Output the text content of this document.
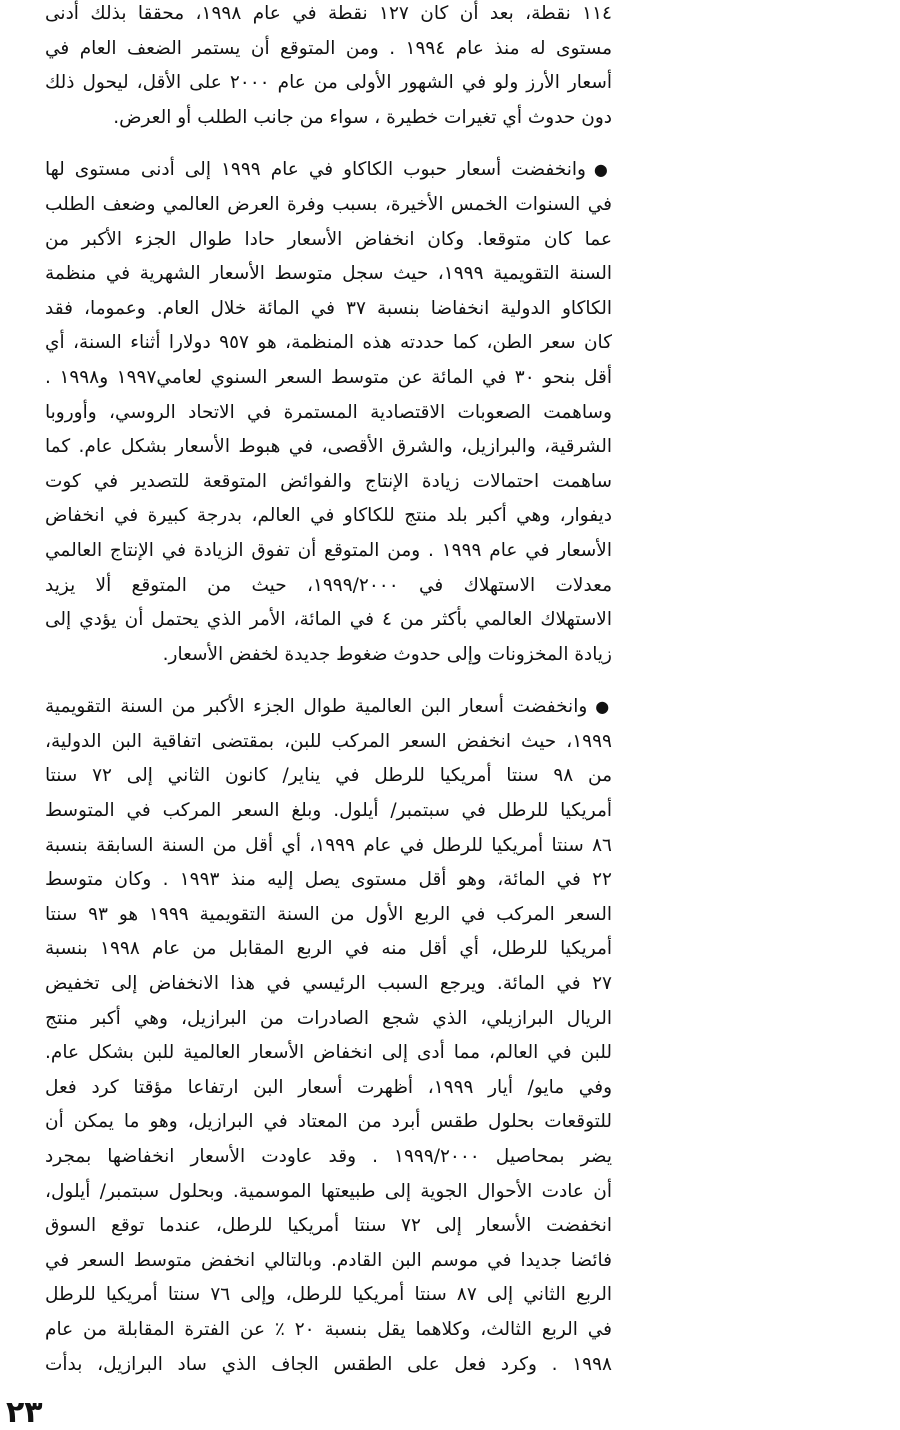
١١٤ نقطة، بعد أن كان ١٢٧ نقطة في عام ١٩٩٨، محققا بذلك أدنى
مستوى له منذ عام ١٩٩٤ . ومن المتوقع أن يستمر الضعف العام في
أسعار الأرز ولو في الشهور الأولى من عام ٢٠٠٠ على الأقل، ليحول ذلك
دون حدوث أي تغيرات خطيرة ، سواء من جانب الطلب أو العرض.
●وانخفضت أسعار حبوب الكاكاو في عام ١٩٩٩ إلى أدنى مستوى لها
في السنوات الخمس الأخيرة، بسبب وفرة العرض العالمي وضعف الطلب
عما كان متوقعا. وكان انخفاض الأسعار حادا طوال الجزء الأكبر من
السنة التقويمية ١٩٩٩، حيث سجل متوسط الأسعار الشهرية في منظمة
الكاكاو الدولية انخفاضا بنسبة ٣٧ في المائة خلال العام. وعموما، فقد
كان سعر الطن، كما حددته هذه المنظمة، هو ٩٥٧ دولارا أثناء السنة، أي
أقل بنحو ٣٠ في المائة عن متوسط السعر السنوي لعامي١٩٩٧ و١٩٩٨ .
وساهمت الصعوبات الاقتصادية المستمرة في الاتحاد الروسي، وأوروبا
الشرقية، والبرازيل، والشرق الأقصى، في هبوط الأسعار بشكل عام. كما
ساهمت احتمالات زيادة الإنتاج والفوائض المتوقعة للتصدير في كوت
ديفوار، وهي أكبر بلد منتج للكاكاو في العالم، بدرجة كبيرة في انخفاض
الأسعار في عام ١٩٩٩ . ومن المتوقع أن تفوق الزيادة في الإنتاج العالمي
معدلات الاستهلاك في ١٩٩٩/٢٠٠٠، حيث من المتوقع ألا يزيد
الاستهلاك العالمي بأكثر من ٤ في المائة، الأمر الذي يحتمل أن يؤدي إلى
زيادة المخزونات وإلى حدوث ضغوط جديدة لخفض الأسعار.
●وانخفضت أسعار البن العالمية طوال الجزء الأكبر من السنة التقويمية
١٩٩٩، حيث انخفض السعر المركب للبن، بمقتضى اتفاقية البن الدولية،
من ٩٨ سنتا أمريكيا للرطل في يناير/ كانون الثاني إلى ٧٢ سنتا
أمريكيا للرطل في سبتمبر/ أيلول. وبلغ السعر المركب في المتوسط
٨٦ سنتا أمريكيا للرطل في عام ١٩٩٩، أي أقل من السنة السابقة بنسبة
٢٢ في المائة، وهو أقل مستوى يصل إليه منذ ١٩٩٣ . وكان متوسط
السعر المركب في الربع الأول من السنة التقويمية ١٩٩٩ هو ٩٣ سنتا
أمريكيا للرطل، أي أقل منه في الربع المقابل من عام ١٩٩٨ بنسبة
٢٧ في المائة. ويرجع السبب الرئيسي في هذا الانخفاض إلى تخفيض
الريال البرازيلي، الذي شجع الصادرات من البرازيل، وهي أكبر منتج
للبن في العالم، مما أدى إلى انخفاض الأسعار العالمية للبن بشكل عام.
وفي مايو/ أيار ١٩٩٩، أظهرت أسعار البن ارتفاعا مؤقتا كرد فعل
للتوقعات بحلول طقس أبرد من المعتاد في البرازيل، وهو ما يمكن أن
يضر بمحاصيل ١٩٩٩/٢٠٠٠ . وقد عاودت الأسعار انخفاضها بمجرد
أن عادت الأحوال الجوية إلى طبيعتها الموسمية. وبحلول سبتمبر/ أيلول،
انخفضت الأسعار إلى ٧٢ سنتا أمريكيا للرطل، عندما توقع السوق
فائضا جديدا في موسم البن القادم. وبالتالي انخفض متوسط السعر في
الربع الثاني إلى ٨٧ سنتا أمريكيا للرطل، وإلى ٧٦ سنتا أمريكيا للرطل
في الربع الثالث، وكلاهما يقل بنسبة ٢٠ ٪ عن الفترة المقابلة من عام
١٩٩٨ . وكرد فعل على الطقس الجاف الذي ساد البرازيل، بدأت
٢٣
